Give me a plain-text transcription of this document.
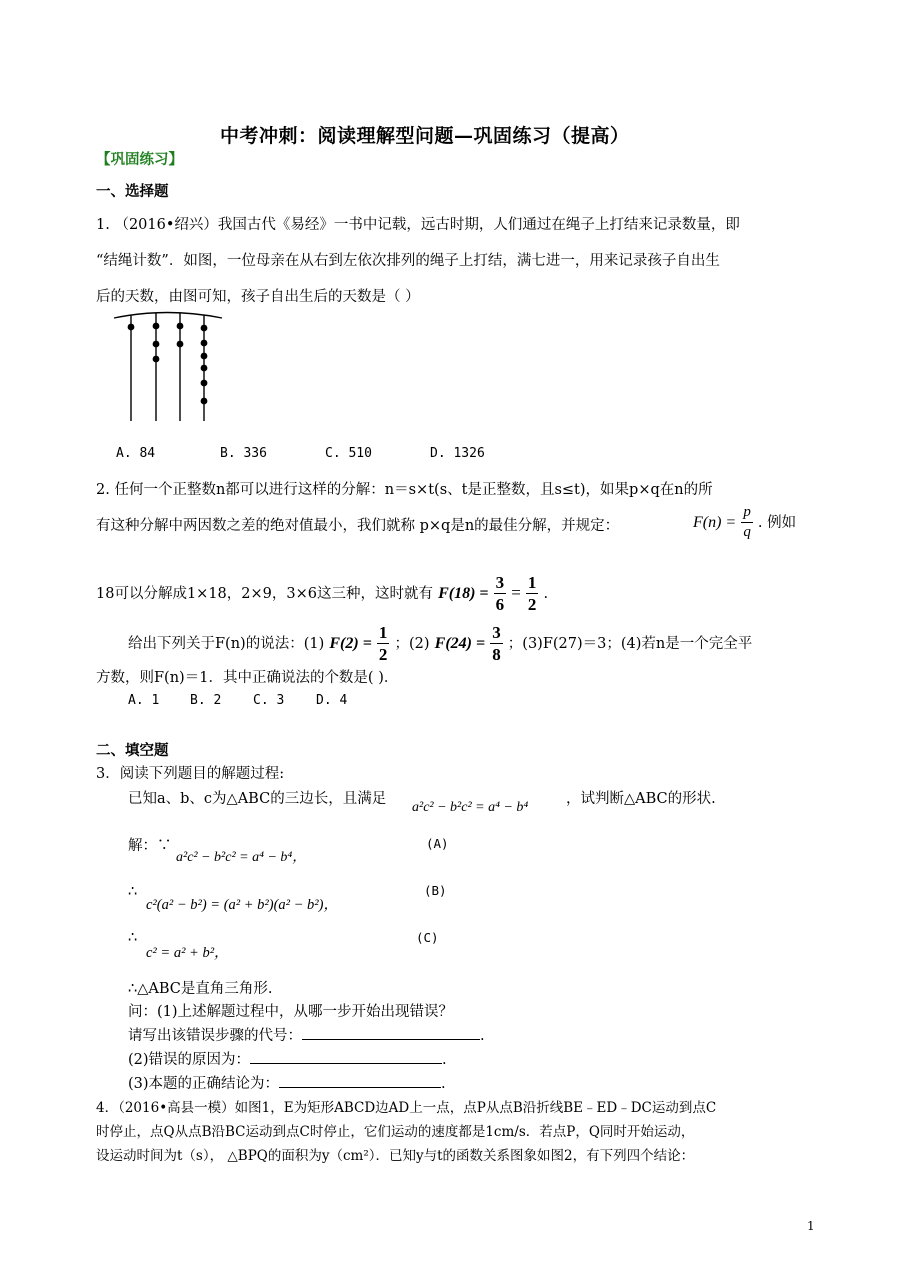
中考冲刺：阅读理解型问题—巩固练习（提高）
【巩固练习】
一、选择题
1. （2016•绍兴）我国古代《易经》一书中记载，远古时期，人们通过在绳子上打结来记录数量，即
“结绳计数”．如图，一位母亲在从右到左依次排列的绳子上打结，满七进一，用来记录孩子自出生
后的天数，由图可知，孩子自出生后的天数是（ ）
A. 84	B. 336	C. 510	D. 1326
2. 任何一个正整数n都可以进行这样的分解：n＝s×t(s、t是正整数，且s≤t)，如果p×q在n的所
有这种分解中两因数之差的绝对值最小，我们就称 p×q是n的最佳分解，并规定：	$F(n) = \frac{p}{q}$ . 例如
18可以分解成1×18，2×9，3×6这三种，这时就有 $F(18) = \frac{3}{6} = \frac{1}{2}$ .
给出下列关于F(n)的说法：(1) $F(2) = \frac{1}{2}$ ；(2) $F(24) = \frac{3}{8}$ ；(3)F(27)＝3；(4)若n是一个完全平
方数，则F(n)＝1．其中正确说法的个数是( )．
A. 1 B. 2 C. 3 D. 4
二、填空题
3．阅读下列题目的解题过程:
已知a、b、c为△ABC的三边长，且满足
a²c² − b²c² = a⁴ − b⁴
，试判断△ABC的形状.
解：∵
a²c² − b²c² = a⁴ − b⁴，
(A)
∴
c²(a² − b²) = (a² + b²)(a² − b²)，
(B)
∴
c² = a² + b²，
(C)
∴△ABC是直角三角形.
问：(1)上述解题过程中，从哪一步开始出现错误？
请写出该错误步骤的代号：	.
(2)错误的原因为：	.
(3)本题的正确结论为：	.
4．（2016•高县一模）如图1，E为矩形ABCD边AD上一点，点P从点B沿折线BE﹣ED﹣DC运动到点C
时停止，点Q从点B沿BC运动到点C时停止，它们运动的速度都是1cm/s．若点P，Q同时开始运动，
设运动时间为t（s）， △BPQ的面积为y（cm²）．已知y与t的函数关系图象如图2，有下列四个结论：
1
